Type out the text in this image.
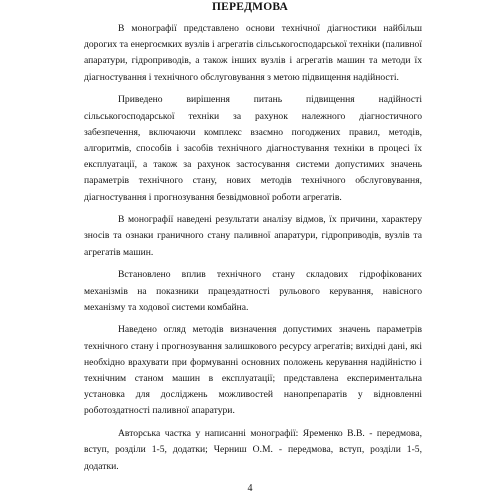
ПЕРЕДМОВА

В монографії представлено основи технічної діагностики найбільш дорогих та енергоємких вузлів і агрегатів сільськогосподарської техніки (паливної апаратури, гідроприводів, а також інших вузлів і агрегатів машин та методи їх діагностування і технічного обслуговування з метою підвищення надійності.

Приведено вирішення питань підвищення надійності сільськогосподарської техніки за рахунок належного діагностичного забезпечення, включаючи комплекс взаємно погоджених правил, методів, алгоритмів, способів і засобів технічного діагностування техніки в процесі їх експлуатації, а також за рахунок застосування системи допустимих значень параметрів технічного стану, нових методів технічного обслуговування, діагностування і прогнозування безвідмовної роботи агрегатів.

В монографії наведені результати аналізу відмов, їх причини, характеру зносів та ознаки граничного стану паливної апаратури, гідроприводів, вузлів та агрегатів машин.

Встановлено вплив технічного стану складових гідрофікованих механізмів на показники працездатності рульового керування, навісного механізму та ходової системи комбайна.

Наведено огляд методів визначення допустимих значень параметрів технічного стану і прогнозування залишкового ресурсу агрегатів; вихідні дані, які необхідно врахувати при формуванні основних положень керування надійністю і технічним станом машин в експлуатації; представлена експериментальна установка для досліджень можливостей нанопрепаратів у відновленні роботоздатності паливної апаратури.

Авторська частка у написанні монографії: Яременко В.В. - передмова, вступ, розділи 1-5, додатки; Черниш О.М. - передмова, вступ, розділи 1-5, додатки.

4
